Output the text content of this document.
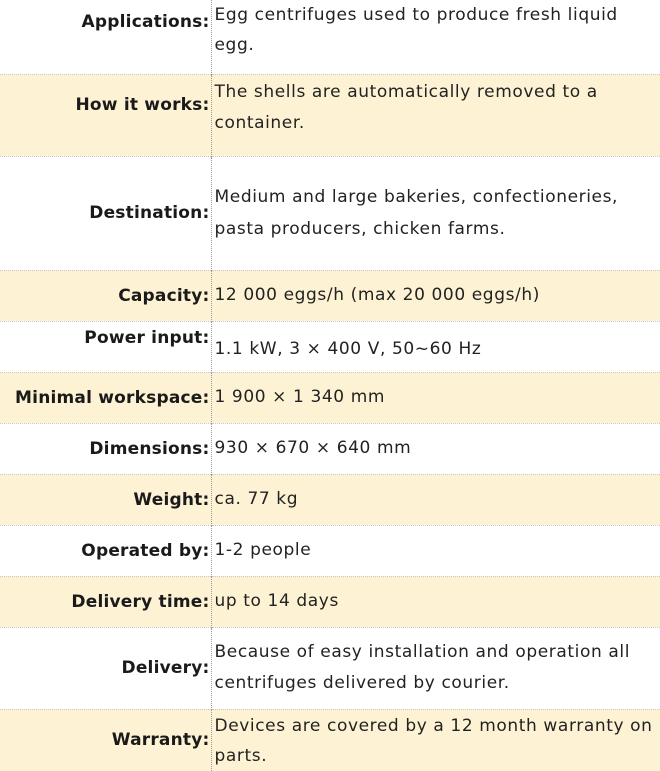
Applications:	Egg centrifuges used to produce fresh liquid egg.
How it works:	The shells are automatically removed to a container.
Destination:	Medium and large bakeries, confectioneries, pasta producers, chicken farms.
Capacity:	12 000 eggs/h (max 20 000 eggs/h)
Power input:	1.1 kW, 3 × 400 V, 50~60 Hz
Minimal workspace:	1 900 × 1 340 mm
Dimensions:	930 × 670 × 640 mm
Weight:	ca. 77 kg
Operated by:	1-2 people
Delivery time:	up to 14 days
Delivery:	Because of easy installation and operation all centrifuges delivered by courier.
Warranty:	Devices are covered by a 12 month warranty on parts.
